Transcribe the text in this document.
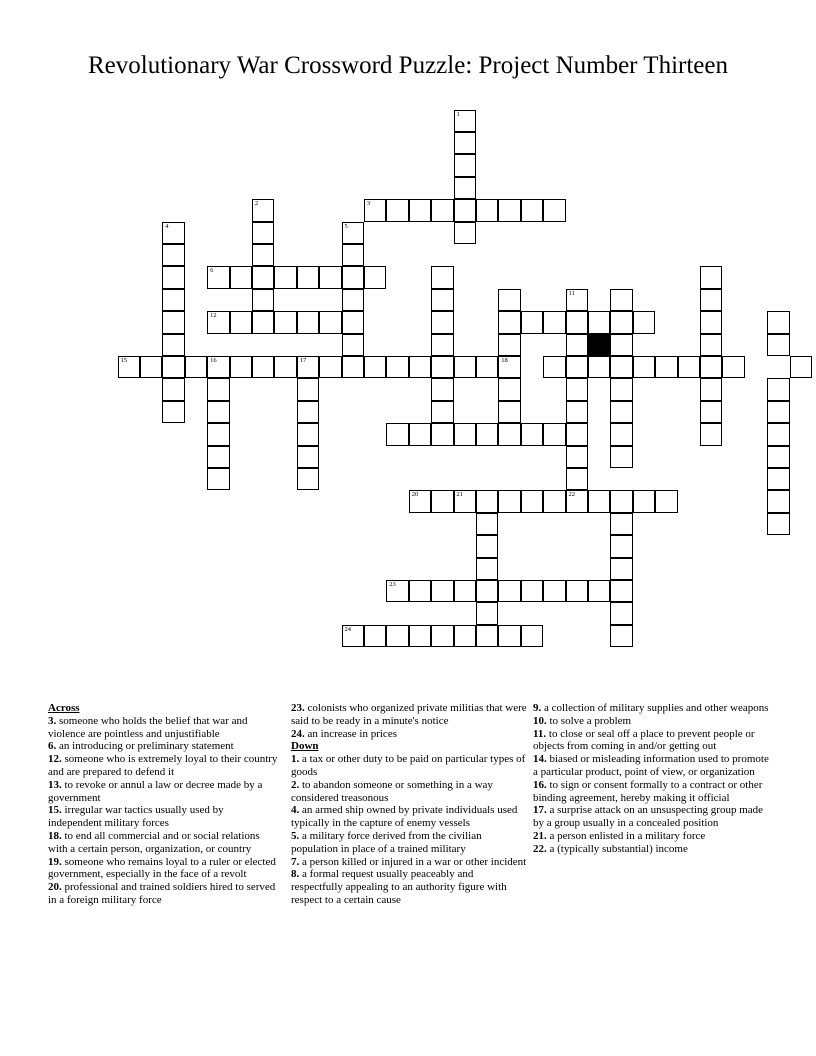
Revolutionary War Crossword Puzzle: Project Number Thirteen
1
2	3
4	5
6
11
12
15	16	17	18
20	21	22
23
24
Across
3. someone who holds the belief that war and violence are pointless and unjustifiable
6. an introducing or preliminary statement
12. someone who is extremely loyal to their country and are prepared to defend it
13. to revoke or annul a law or decree made by a government
15. irregular war tactics usually used by independent military forces
18. to end all commercial and or social relations with a certain person, organization, or country
19. someone who remains loyal to a ruler or elected government, especially in the face of a revolt
20. professional and trained soldiers hired to served in a foreign military force
23. colonists who organized private militias that were said to be ready in a minute's notice
24. an increase in prices
Down
1. a tax or other duty to be paid on particular types of goods
2. to abandon someone or something in a way considered treasonous
4. an armed ship owned by private individuals used typically in the capture of enemy vessels
5. a military force derived from the civilian population in place of a trained military
7. a person killed or injured in a war or other incident
8. a formal request usually peaceably and respectfully appealing to an authority figure with respect to a certain cause
9. a collection of military supplies and other weapons
10. to solve a problem
11. to close or seal off a place to prevent people or objects from coming in and/or getting out
14. biased or misleading information used to promote a particular product, point of view, or organization
16. to sign or consent formally to a contract or other binding agreement, hereby making it official
17. a surprise attack on an unsuspecting group made by a group usually in a concealed position
21. a person enlisted in a military force
22. a (typically substantial) income
